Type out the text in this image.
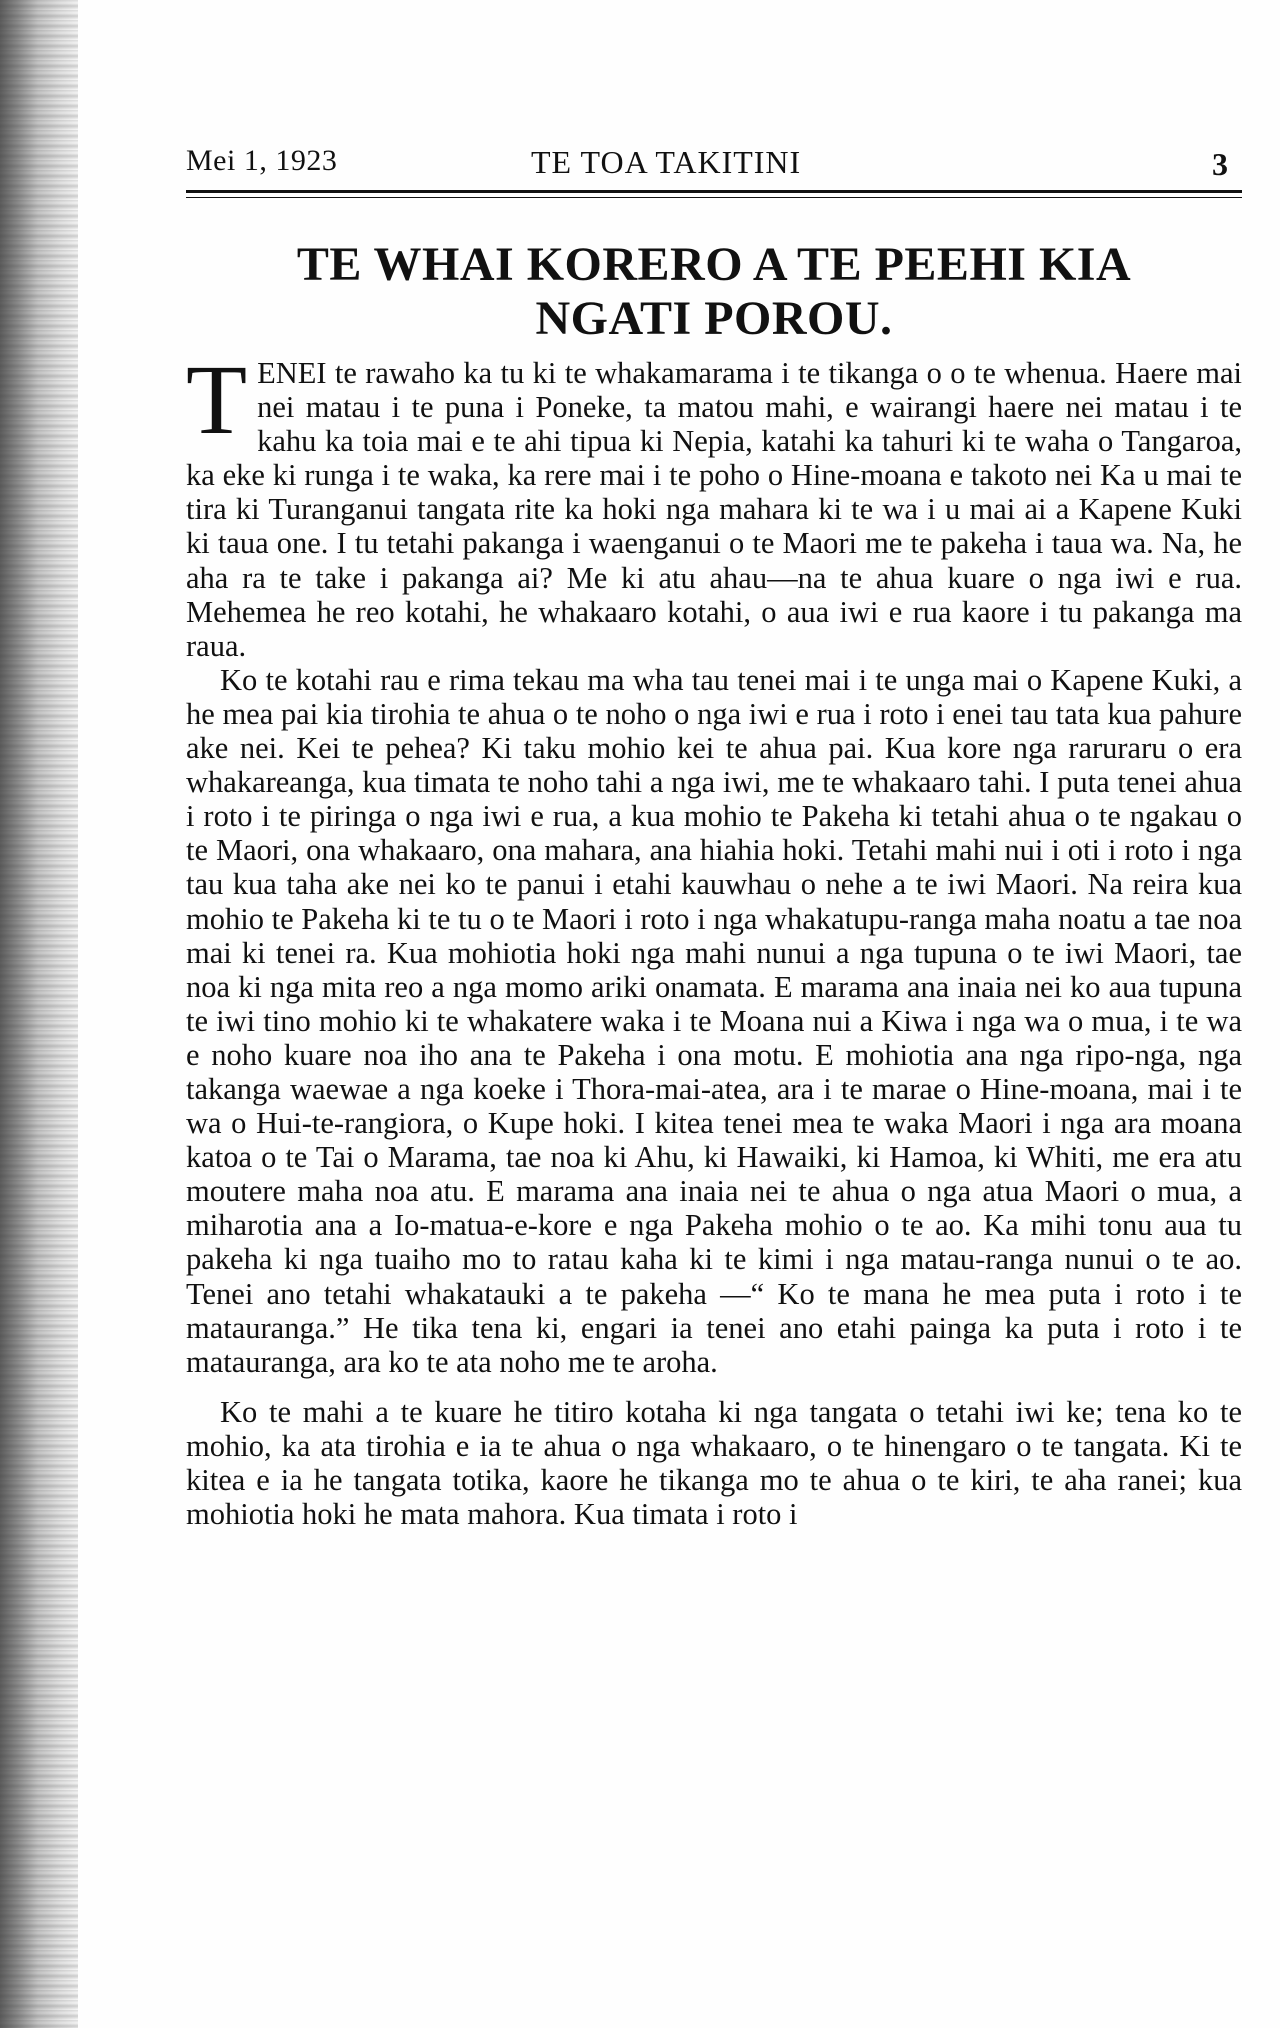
Mei 1, 1923	TE TOA TAKITINI	3
TE WHAI KORERO A TE PEEHI KIA
NGATI POROU.

TENEI te rawaho ka tu ki te whakamarama i te tikanga o o te whenua. Haere mai nei matau i te puna i Poneke, ta matou mahi, e wairangi haere nei matau i te kahu ka toia mai e te ahi tipua ki Nepia, katahi ka tahuri ki te waha o Tangaroa, ka eke ki runga i te waka, ka rere mai i te poho o Hine-moana e takoto nei Ka u mai te tira ki Turanganui tangata rite ka hoki nga mahara ki te wa i u mai ai a Kapene Kuki ki taua one. I tu tetahi pakanga i waenganui o te Maori me te pakeha i taua wa. Na, he aha ra te take i pakanga ai? Me ki atu ahau—na te ahua kuare o nga iwi e rua. Mehemea he reo kotahi, he whakaaro kotahi, o aua iwi e rua kaore i tu pakanga ma raua.

Ko te kotahi rau e rima tekau ma wha tau tenei mai i te unga mai o Kapene Kuki, a he mea pai kia tirohia te ahua o te noho o nga iwi e rua i roto i enei tau tata kua pahure ake nei. Kei te pehea? Ki taku mohio kei te ahua pai. Kua kore nga raruraru o era whakareanga, kua timata te noho tahi a nga iwi, me te whakaaro tahi. I puta tenei ahua i roto i te piringa o nga iwi e rua, a kua mohio te Pakeha ki tetahi ahua o te ngakau o te Maori, ona whakaaro, ona mahara, ana hiahia hoki. Tetahi mahi nui i oti i roto i nga tau kua taha ake nei ko te panui i etahi kauwhau o nehe a te iwi Maori. Na reira kua mohio te Pakeha ki te tu o te Maori i roto i nga whakatupu-ranga maha noatu a tae noa mai ki tenei ra. Kua mohiotia hoki nga mahi nunui a nga tupuna o te iwi Maori, tae noa ki nga mita reo a nga momo ariki onamata. E marama ana inaia nei ko aua tupuna te iwi tino mohio ki te whakatere waka i te Moana nui a Kiwa i nga wa o mua, i te wa e noho kuare noa iho ana te Pakeha i ona motu. E mohiotia ana nga ripo-nga, nga takanga waewae a nga koeke i Thora-mai-atea, ara i te marae o Hine-moana, mai i te wa o Hui-te-rangiora, o Kupe hoki. I kitea tenei mea te waka Maori i nga ara moana katoa o te Tai o Marama, tae noa ki Ahu, ki Hawaiki, ki Hamoa, ki Whiti, me era atu moutere maha noa atu. E marama ana inaia nei te ahua o nga atua Maori o mua, a miharotia ana a Io-matua-e-kore e nga Pakeha mohio o te ao. Ka mihi tonu aua tu pakeha ki nga tuaiho mo to ratau kaha ki te kimi i nga matau-ranga nunui o te ao. Tenei ano tetahi whakatauki a te pakeha —“ Ko te mana he mea puta i roto i te matauranga.” He tika tena ki, engari ia tenei ano etahi painga ka puta i roto i te matauranga, ara ko te ata noho me te aroha.

Ko te mahi a te kuare he titiro kotaha ki nga tangata o tetahi iwi ke; tena ko te mohio, ka ata tirohia e ia te ahua o nga whakaaro, o te hinengaro o te tangata. Ki te kitea e ia he tangata totika, kaore he tikanga mo te ahua o te kiri, te aha ranei; kua mohiotia hoki he mata mahora. Kua timata i roto i
